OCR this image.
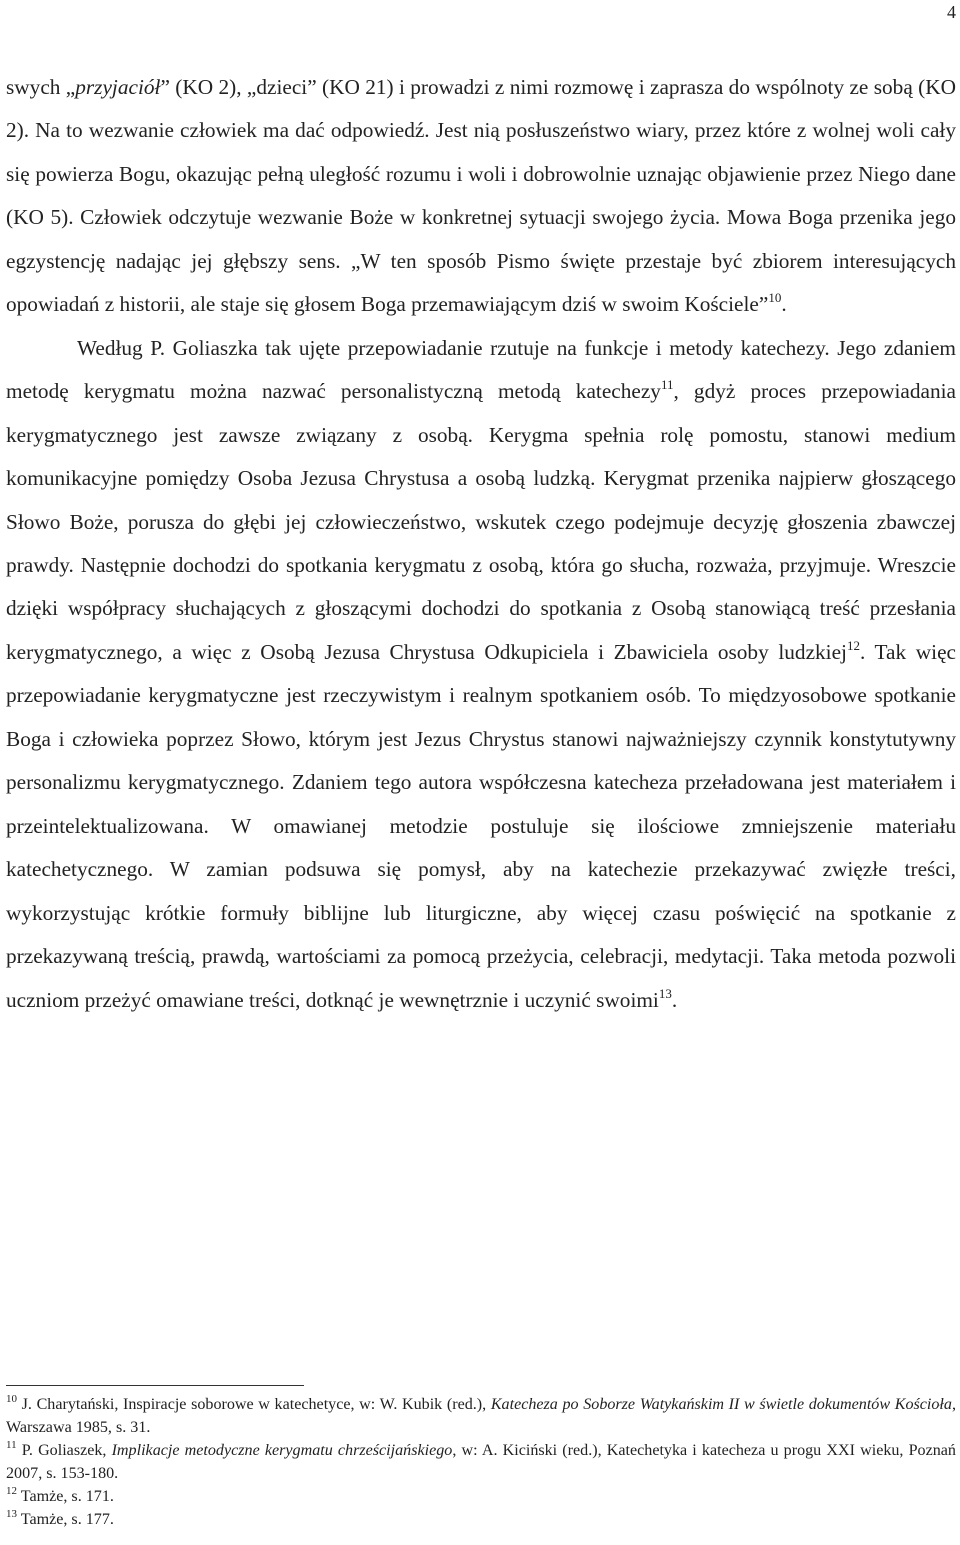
4

swych „przyjaciół” (KO 2), „dzieci” (KO 21) i prowadzi z nimi rozmowę i zaprasza do wspólnoty ze sobą (KO 2). Na to wezwanie człowiek ma dać odpowiedź. Jest nią posłuszeństwo wiary, przez które z wolnej woli cały się powierza Bogu, okazując pełną uległość rozumu i woli i dobrowolnie uznając objawienie przez Niego dane (KO 5). Człowiek odczytuje wezwanie Boże w konkretnej sytuacji swojego życia. Mowa Boga przenika jego egzystencję nadając jej głębszy sens. „W ten sposób Pismo święte przestaje być zbiorem interesujących opowiadań z historii, ale staje się głosem Boga przemawiającym dziś w swoim Kościele”$^{10}$.

Według P. Goliaszka tak ujęte przepowiadanie rzutuje na funkcje i metody katechezy. Jego zdaniem metodę kerygmatu można nazwać personalistyczną metodą katechezy$^{11}$, gdyż proces przepowiadania kerygmatycznego jest zawsze związany z osobą. Kerygma spełnia rolę pomostu, stanowi medium komunikacyjne pomiędzy Osoba Jezusa Chrystusa a osobą ludzką. Kerygmat przenika najpierw głoszącego Słowo Boże, porusza do głębi jej człowieczeństwo, wskutek czego podejmuje decyzję głoszenia zbawczej prawdy. Następnie dochodzi do spotkania kerygmatu z osobą, która go słucha, rozważa, przyjmuje. Wreszcie dzięki współpracy słuchających z głoszącymi dochodzi do spotkania z Osobą stanowiącą treść przesłania kerygmatycznego, a więc z Osobą Jezusa Chrystusa Odkupiciela i Zbawiciela osoby ludzkiej$^{12}$. Tak więc przepowiadanie kerygmatyczne jest rzeczywistym i realnym spotkaniem osób. To międzyosobowe spotkanie Boga i człowieka poprzez Słowo, którym jest Jezus Chrystus stanowi najważniejszy czynnik konstytutywny personalizmu kerygmatycznego. Zdaniem tego autora współczesna katecheza przeładowana jest materiałem i przeintelektualizowana. W omawianej metodzie postuluje się ilościowe zmniejszenie materiału katechetycznego. W zamian podsuwa się pomysł, aby na katechezie przekazywać zwięzłe treści, wykorzystując krótkie formuły biblijne lub liturgiczne, aby więcej czasu poświęcić na spotkanie z przekazywaną treścią, prawdą, wartościami za pomocą przeżycia, celebracji, medytacji. Taka metoda pozwoli uczniom przeżyć omawiane treści, dotknąć je wewnętrznie i uczynić swoimi$^{13}$.

$^{10}$ J. Charytański, Inspiracje soborowe w katechetyce, w: W. Kubik (red.), Katecheza po Soborze Watykańskim II w świetle dokumentów Kościoła, Warszawa 1985, s. 31.

$^{11}$ P. Goliaszek, Implikacje metodyczne kerygmatu chrześcijańskiego, w: A. Kiciński (red.), Katechetyka i katecheza u progu XXI wieku, Poznań 2007, s. 153-180.

$^{12}$ Tamże, s. 171.

$^{13}$ Tamże, s. 177.
